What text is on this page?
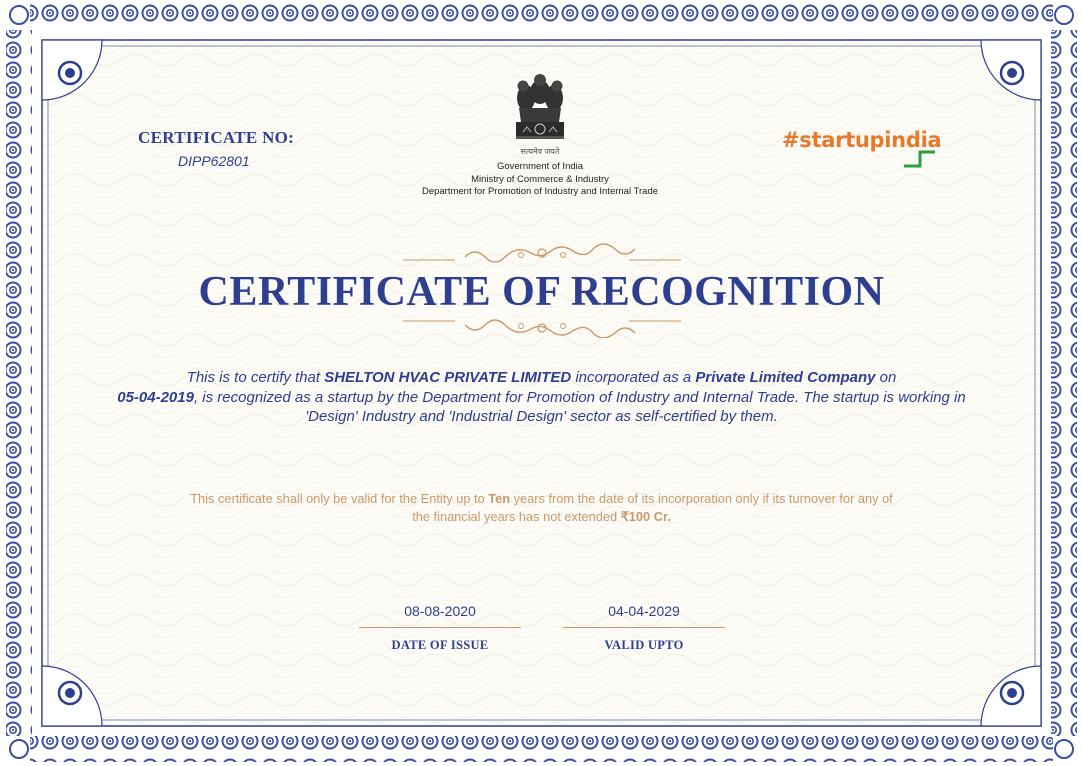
CERTIFICATE NO:
DIPP62801
सत्यमेव जयते
Government of India
Ministry of Commerce & Industry
Department for Promotion of Industry and Internal Trade
#startupindia
CERTIFICATE OF RECOGNITION
This is to certify that SHELTON HVAC PRIVATE LIMITED incorporated as a Private Limited Company on
05-04-2019, is recognized as a startup by the Department for Promotion of Industry and Internal Trade. The startup is working in 'Design' Industry and 'Industrial Design' sector as self-certified by them.
This certificate shall only be valid for the Entity up to Ten years from the date of its incorporation only if its turnover for any of the financial years has not extended ₹100 Cr.
08-08-2020
DATE OF ISSUE
04-04-2029
VALID UPTO
